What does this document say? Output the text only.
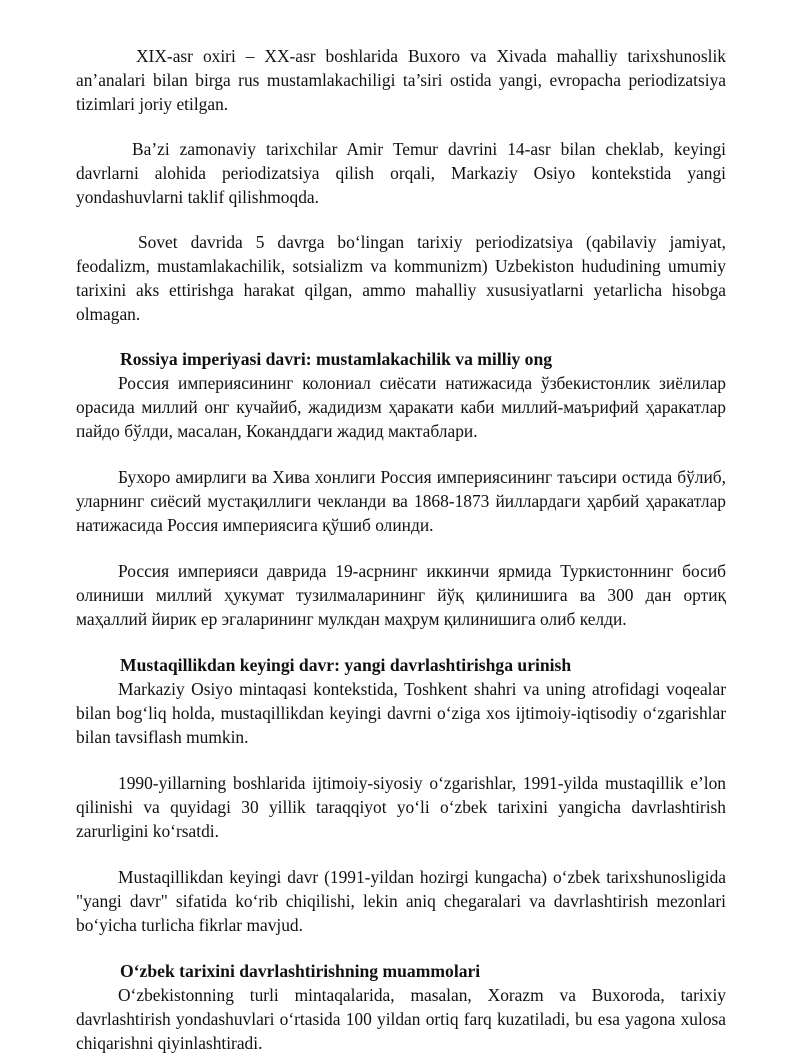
XIX-asr oxiri – XX-asr boshlarida Buxoro va Xivada mahalliy tarixshunoslik an’analari bilan birga rus mustamlakachiligi ta’siri ostida yangi, evropacha periodizatsiya tizimlari joriy etilgan.

Ba’zi zamonaviy tarixchilar Amir Temur davrini 14-asr bilan cheklab, keyingi davrlarni alohida periodizatsiya qilish orqali, Markaziy Osiyo kontekstida yangi yondashuvlarni taklif qilishmoqda.

Sovet davrida 5 davrga bo‘lingan tarixiy periodizatsiya (qabilaviy jamiyat, feodalizm, mustamlakachilik, sotsializm va kommunizm) Uzbekiston hududining umumiy tarixini aks ettirishga harakat qilgan, ammo mahalliy xususiyatlarni yetarlicha hisobga olmagan.

Rossiya imperiyasi davri: mustamlakachilik va milliy ong

Россия империясининг колониал сиёсати натижасида ўзбекистонлик зиёлилар орасида миллий онг кучайиб, жадидизм ҳаракати каби миллий-маърифий ҳаракатлар пайдо бўлди, масалан, Коканддаги жадид мактаблари.

Бухоро амирлиги ва Хива хонлиги Россия империясининг таъсири остида бўлиб, уларнинг сиёсий мустақиллиги чекланди ва 1868-1873 йиллардаги ҳарбий ҳаракатлар натижасида Россия империясига қўшиб олинди.

Россия империяси даврида 19-асрнинг иккинчи ярмида Туркистоннинг босиб олиниши миллий ҳукумат тузилмаларининг йўқ қилинишига ва 300 дан ортиқ маҳаллий йирик ер эгаларининг мулкдан маҳрум қилинишига олиб келди.

Mustaqillikdan keyingi davr: yangi davrlashtirishga urinish

Markaziy Osiyo mintaqasi kontekstida, Toshkent shahri va uning atrofidagi voqealar bilan bog‘liq holda, mustaqillikdan keyingi davrni o‘ziga xos ijtimoiy-iqtisodiy o‘zgarishlar bilan tavsiflash mumkin.

1990-yillarning boshlarida ijtimoiy-siyosiy o‘zgarishlar, 1991-yilda mustaqillik e’lon qilinishi va quyidagi 30 yillik taraqqiyot yo‘li o‘zbek tarixini yangicha davrlashtirish zarurligini ko‘rsatdi.

Mustaqillikdan keyingi davr (1991-yildan hozirgi kungacha) o‘zbek tarixshunosligida "yangi davr" sifatida ko‘rib chiqilishi, lekin aniq chegaralari va davrlashtirish mezonlari bo‘yicha turlicha fikrlar mavjud.

O‘zbek tarixini davrlashtirishning muammolari

O‘zbekistonning turli mintaqalarida, masalan, Xorazm va Buxoroda, tarixiy davrlashtirish yondashuvlari o‘rtasida 100 yildan ortiq farq kuzatiladi, bu esa yagona xulosa chiqarishni qiyinlashtiradi.
